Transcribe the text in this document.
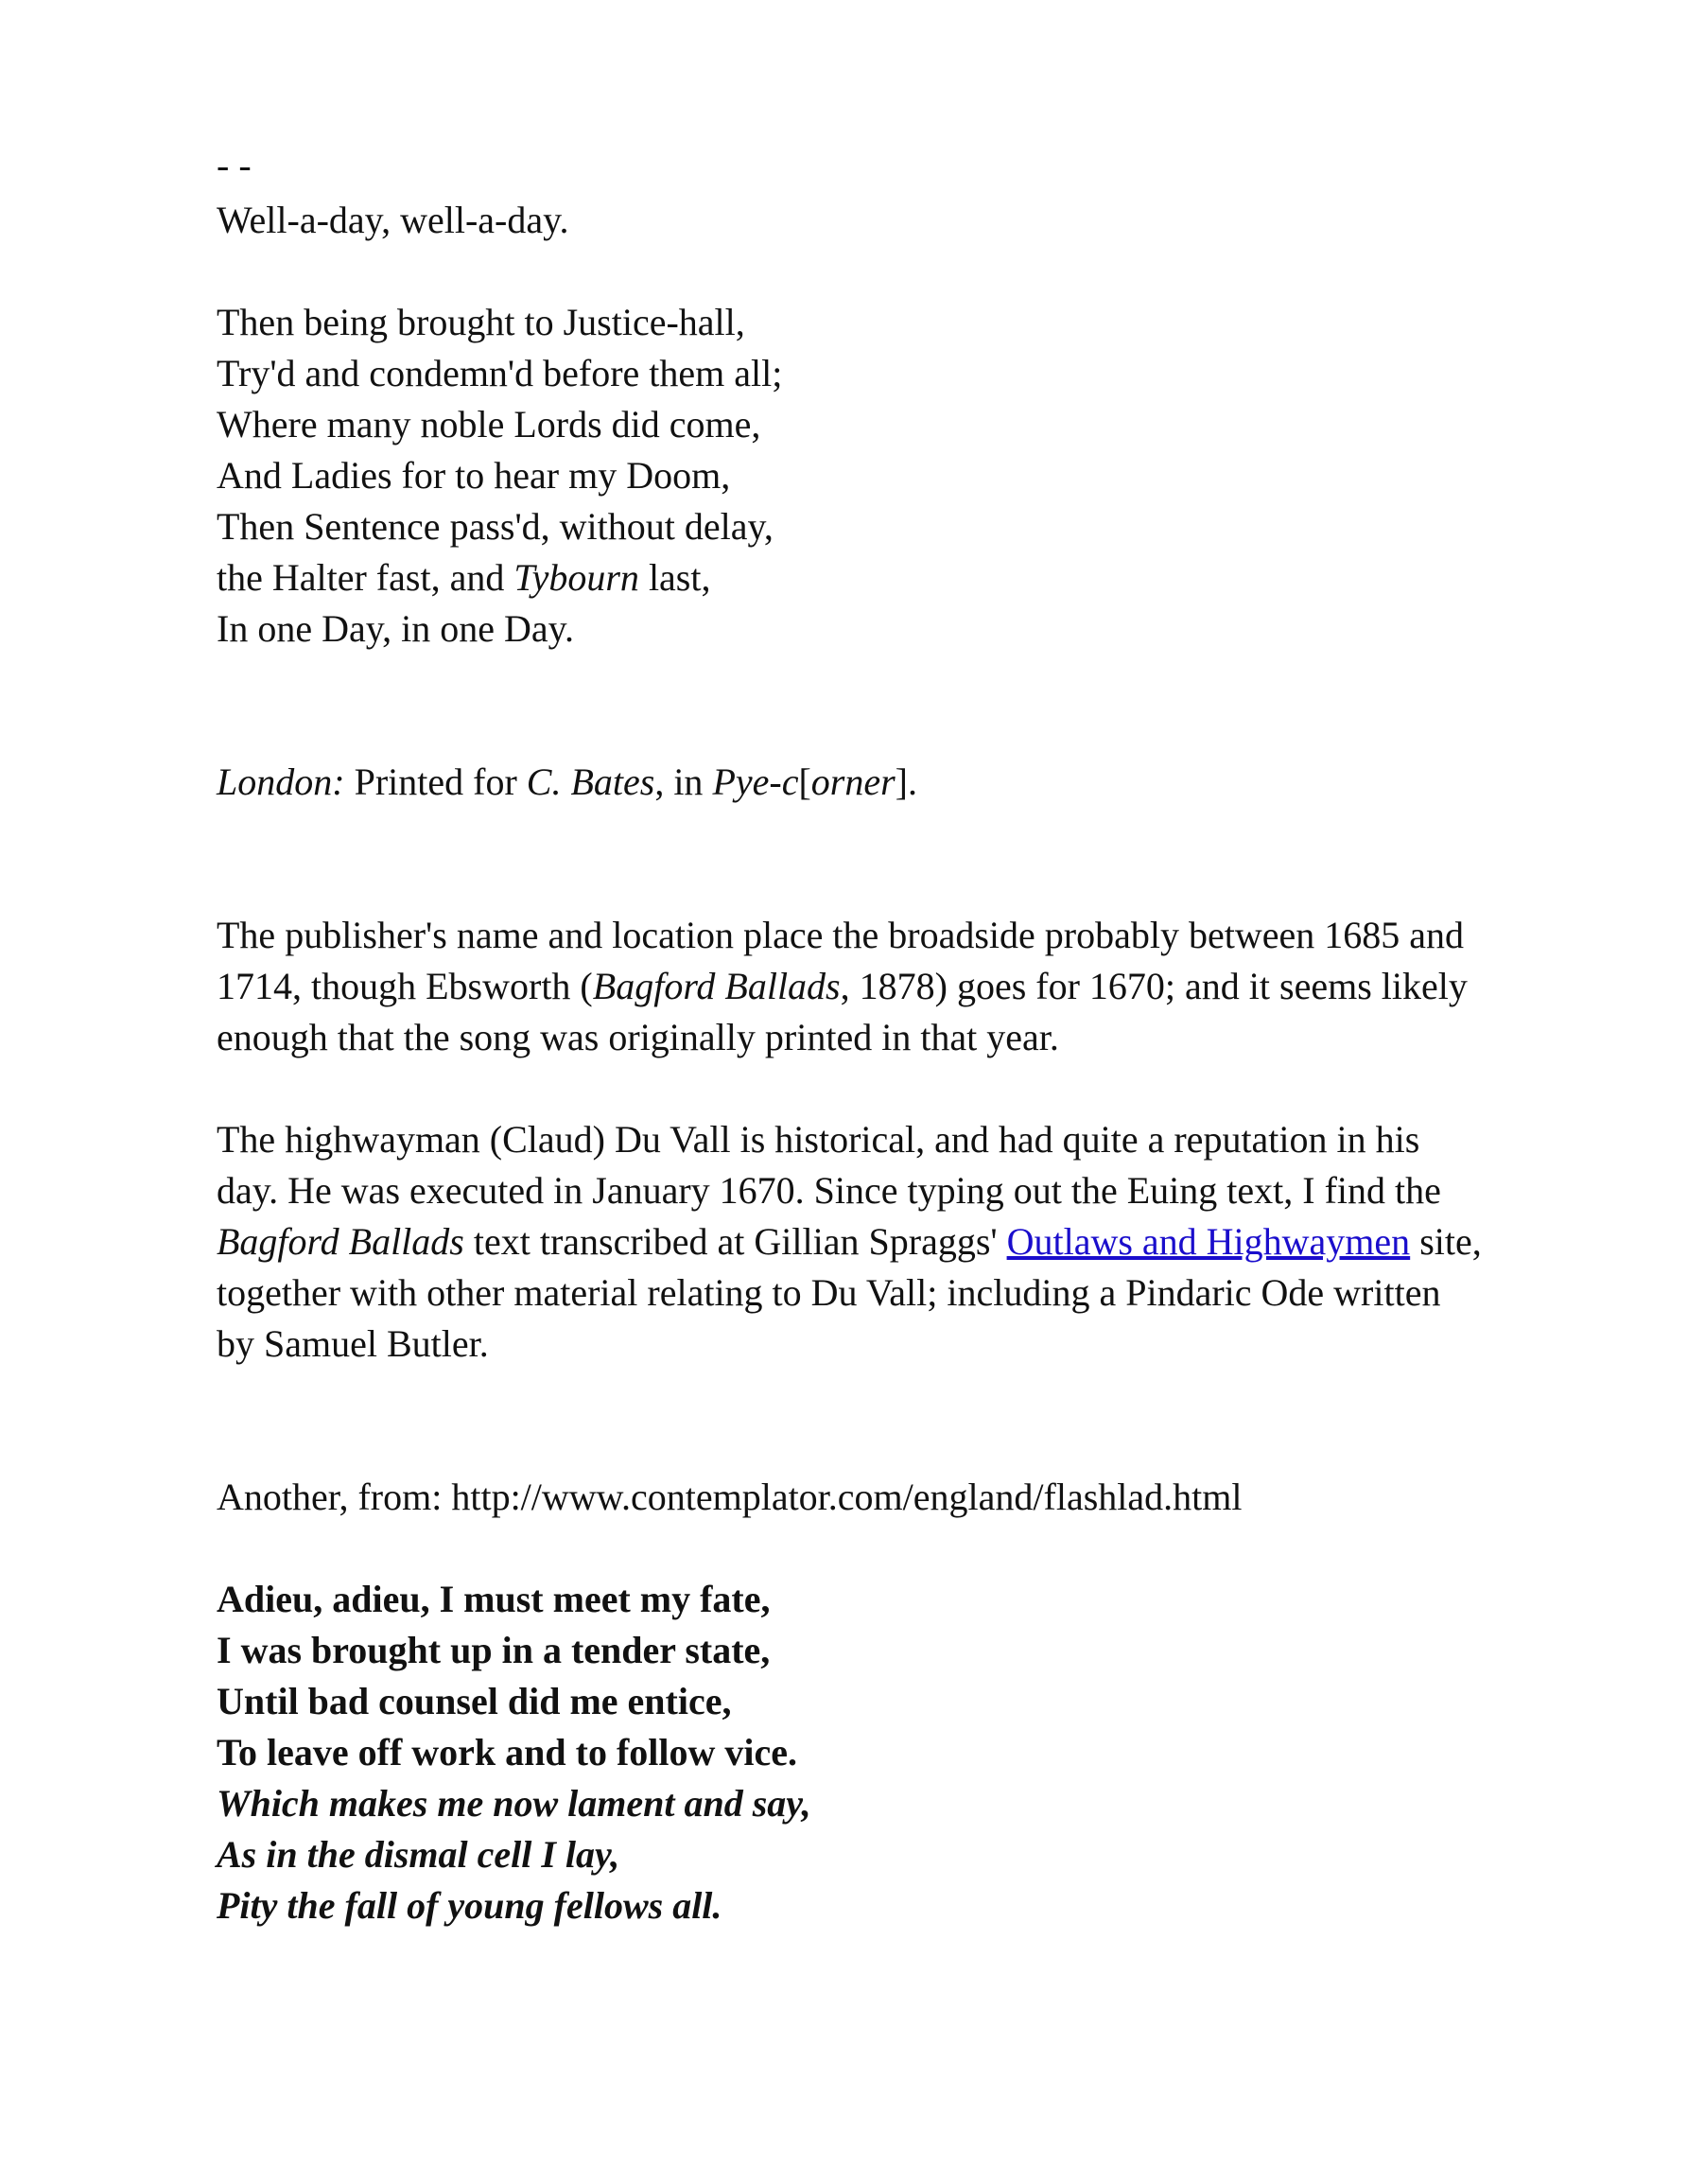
- -
Well-a-day, well-a-day.
Then being brought to Justice-hall,
Try'd and condemn'd before them all;
Where many noble Lords did come,
And Ladies for to hear my Doom,
Then Sentence pass'd, without delay,
the Halter fast, and Tybourn last,
In one Day, in one Day.

London: Printed for C. Bates, in Pye-c[orner].

The publisher's name and location place the broadside probably between 1685 and 1714, though Ebsworth (Bagford Ballads, 1878) goes for 1670; and it seems likely enough that the song was originally printed in that year.

The highwayman (Claud) Du Vall is historical, and had quite a reputation in his day. He was executed in January 1670. Since typing out the Euing text, I find the Bagford Ballads text transcribed at Gillian Spraggs' Outlaws and Highwaymen site, together with other material relating to Du Vall; including a Pindaric Ode written by Samuel Butler.

Another, from: http://www.contemplator.com/england/flashlad.html

Adieu, adieu, I must meet my fate,
I was brought up in a tender state,
Until bad counsel did me entice,
To leave off work and to follow vice.
Which makes me now lament and say,
As in the dismal cell I lay,
Pity the fall of young fellows all.
